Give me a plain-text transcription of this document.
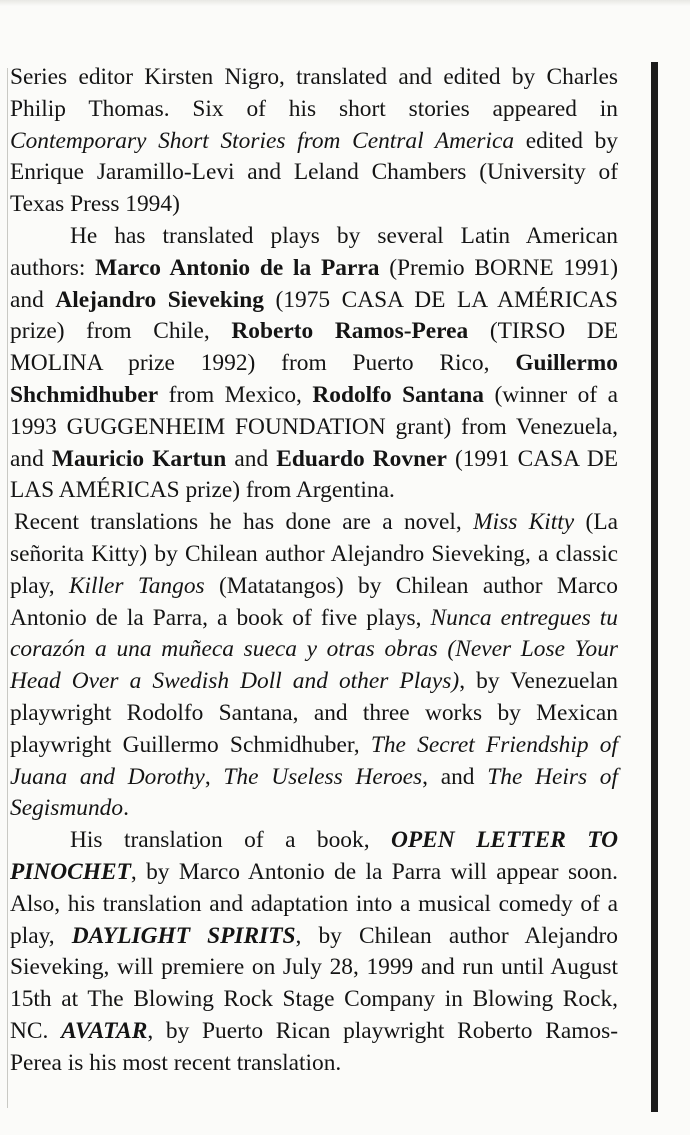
Series editor Kirsten Nigro, translated and edited by Charles Philip Thomas. Six of his short stories appeared in Contemporary Short Stories from Central America edited by Enrique Jaramillo-Levi and Leland Chambers (University of Texas Press 1994)

He has translated plays by several Latin American authors: Marco Antonio de la Parra (Premio BORNE 1991) and Alejandro Sieveking (1975 CASA DE LA AMÉRICAS prize) from Chile, Roberto Ramos-Perea (TIRSO DE MOLINA prize 1992) from Puerto Rico, Guillermo Shchmidhuber from Mexico, Rodolfo Santana (winner of a 1993 GUGGENHEIM FOUNDATION grant) from Venezuela, and Mauricio Kartun and Eduardo Rovner (1991 CASA DE LAS AMÉRICAS prize) from Argentina.

Recent translations he has done are a novel, Miss Kitty (La señorita Kitty) by Chilean author Alejandro Sieveking, a classic play, Killer Tangos (Matatangos) by Chilean author Marco Antonio de la Parra, a book of five plays, Nunca entregues tu corazón a una muñeca sueca y otras obras (Never Lose Your Head Over a Swedish Doll and other Plays), by Venezuelan playwright Rodolfo Santana, and three works by Mexican playwright Guillermo Schmidhuber, The Secret Friendship of Juana and Dorothy, The Useless Heroes, and The Heirs of Segismundo.

His translation of a book, OPEN LETTER TO PINOCHET, by Marco Antonio de la Parra will appear soon. Also, his translation and adaptation into a musical comedy of a play, DAYLIGHT SPIRITS, by Chilean author Alejandro Sieveking, will premiere on July 28, 1999 and run until August 15th at The Blowing Rock Stage Company in Blowing Rock, NC. AVATAR, by Puerto Rican playwright Roberto Ramos-Perea is his most recent translation.
